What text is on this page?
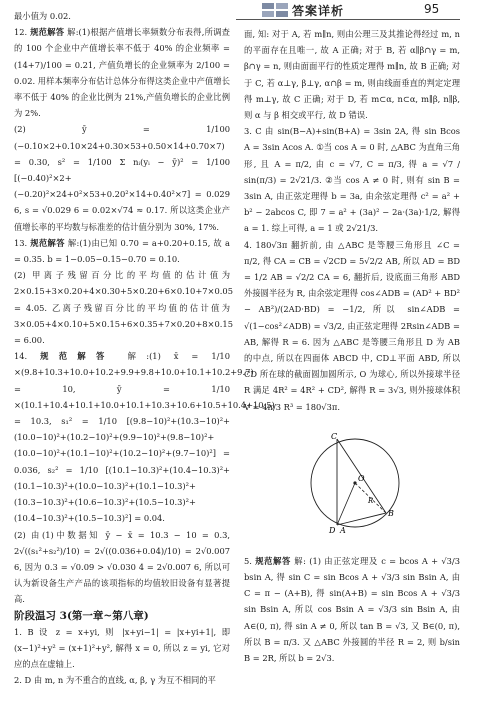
答案详析	95

最小值为 0.02.

12. 规范解答 解:(1)根据产值增长率频数分布表得,所调查的 100 个企业中产值增长率不低于 40% 的企业频率 = (14+7)/100 = 0.21, 产值负增长的企业频率为 2/100 = 0.02. 用样本频率分布估计总体分布得这类企业中产值增长率不低于 40% 的企业比例为 21%,产值负增长的企业比例为 2%.

(2) ȳ = 1/100 (−0.10×2+0.10×24+0.30×53+0.50×14+0.70×7) = 0.30, s² = 1/100 Σ nᵢ(yᵢ − ȳ)² = 1/100 [(−0.40)²×2+(−0.20)²×24+0²×53+0.20²×14+0.40²×7] = 0.029 6, s = √0.029 6 = 0.02×√74 ≈ 0.17. 所以这类企业产值增长率的平均数与标准差的估计值分别为 30%, 17%.

13. 规范解答 解:(1)由已知 0.70 = a+0.20+0.15, 故 a = 0.35. b = 1−0.05−0.15−0.70 = 0.10.

(2) 甲离子残留百分比的平均值的估计值为 2×0.15+3×0.20+4×0.30+5×0.20+6×0.10+7×0.05 = 4.05. 乙离子残留百分比的平均值的估计值为 3×0.05+4×0.10+5×0.15+6×0.35+7×0.20+8×0.15 = 6.00.

14. 规范解答 解:(1) x̄ = 1/10 ×(9.8+10.3+10.0+10.2+9.9+9.8+10.0+10.1+10.2+9.7) = 10, ȳ = 1/10 ×(10.1+10.4+10.1+10.0+10.1+10.3+10.6+10.5+10.4+10.5) = 10.3, s₁² = 1/10 [(9.8−10)²+(10.3−10)²+(10.0−10)²+(10.2−10)²+(9.9−10)²+(9.8−10)²+(10.0−10)²+(10.1−10)²+(10.2−10)²+(9.7−10)²] = 0.036, s₂² = 1/10 [(10.1−10.3)²+(10.4−10.3)²+(10.1−10.3)²+(10.0−10.3)²+(10.1−10.3)²+(10.3−10.3)²+(10.6−10.3)²+(10.5−10.3)²+(10.4−10.3)²+(10.5−10.3)²] = 0.04.

(2) 由(1)中数据知 ȳ − x̄ = 10.3 − 10 = 0.3, 2√((s₁²+s₂²)/10) = 2√((0.036+0.04)/10) = 2√0.007 6, 因为 0.3 = √0.09 > √0.030 4 = 2√0.007 6, 所以可认为新设备生产产品的该项指标的均值较旧设备有显著提高.

阶段温习 3(第一章~第八章)

1. B 设 z = x+yi, 则 |x+yi−1| = |x+yi+1|, 即 (x−1)²+y² = (x+1)²+y², 解得 x = 0, 所以 z = yi, 它对应的点在虚轴上.

2. D 由 m, n 为不重合的直线, α, β, γ 为互不相同的平

面, 知: 对于 A, 若 m∥n, 则由公理三及其推论得经过 m, n 的平面存在且唯一, 故 A 正确; 对于 B, 若 α∥β∩γ = m, β∩γ = n, 则由面面平行的性质定理得 m∥n, 故 B 正确; 对于 C, 若 α⊥γ, β⊥γ, α∩β = m, 则由线面垂直的判定定理得 m⊥γ, 故 C 正确; 对于 D, 若 m⊂α, n⊂α, m∥β, n∥β, 则 α 与 β 相交或平行, 故 D 错误.

3. C 由 sin(B−A)+sin(B+A) = 3sin 2A, 得 sin Bcos A = 3sin Acos A. ①当 cos A = 0 时, △ABC 为直角三角形, 且 A = π/2, 由 c = √7, C = π/3, 得 a = √7 / sin(π/3) = 2√21/3. ②当 cos A ≠ 0 时, 则有 sin B = 3sin A, 由正弦定理得 b = 3a, 由余弦定理得 c² = a² + b² − 2abcos C, 即 7 = a² + (3a)² − 2a·(3a)·1/2, 解得 a = 1. 综上可得, a = 1 或 2√21/3.

4. 180√3π 翻折前, 由 △ABC 是等腰三角形且 ∠C = π/2, 得 CA = CB = √2CD = 5√2/2 AB, 所以 AD = BD = 1/2 AB = √2/2 CA = 6, 翻折后, 设底面三角形 ABD 外接圆半径为 R, 由余弦定理得 cos∠ADB = (AD² + BD² − AB²)/(2AD·BD) = −1/2, 所以 sin∠ADB = √(1−cos²∠ADB) = √3/2, 由正弦定理得 2Rsin∠ADB = AB, 解得 R = 6. 因为 △ABC 是等腰三角形且 D 为 AB 的中点, 所以在四面体 ABCD 中, CD⊥平面 ABD, 所以 CD 所在球的截面圆加圆所示, O 为球心, 所以外接球半径 R 满足 4R² = 4R² + CD², 解得 R = 3√3, 则外接球体积 V = 4π/3 R³ = 180√3π.

C
O
R
B
D A

5. 规范解答 解: (1) 由正弦定理及 c = bcos A + √3/3 bsin A, 得 sin C = sin Bcos A + √3/3 sin Bsin A, 由 C = π − (A+B), 得 sin(A+B) = sin Bcos A + √3/3 sin Bsin A, 所以 cos Bsin A = √3/3 sin Bsin A, 由 A∈(0, π), 得 sin A ≠ 0, 所以 tan B = √3, 又 B∈(0, π), 所以 B = π/3. 又 △ABC 外接圆的半径 R = 2, 则 b/sin B = 2R, 所以 b = 2√3.
